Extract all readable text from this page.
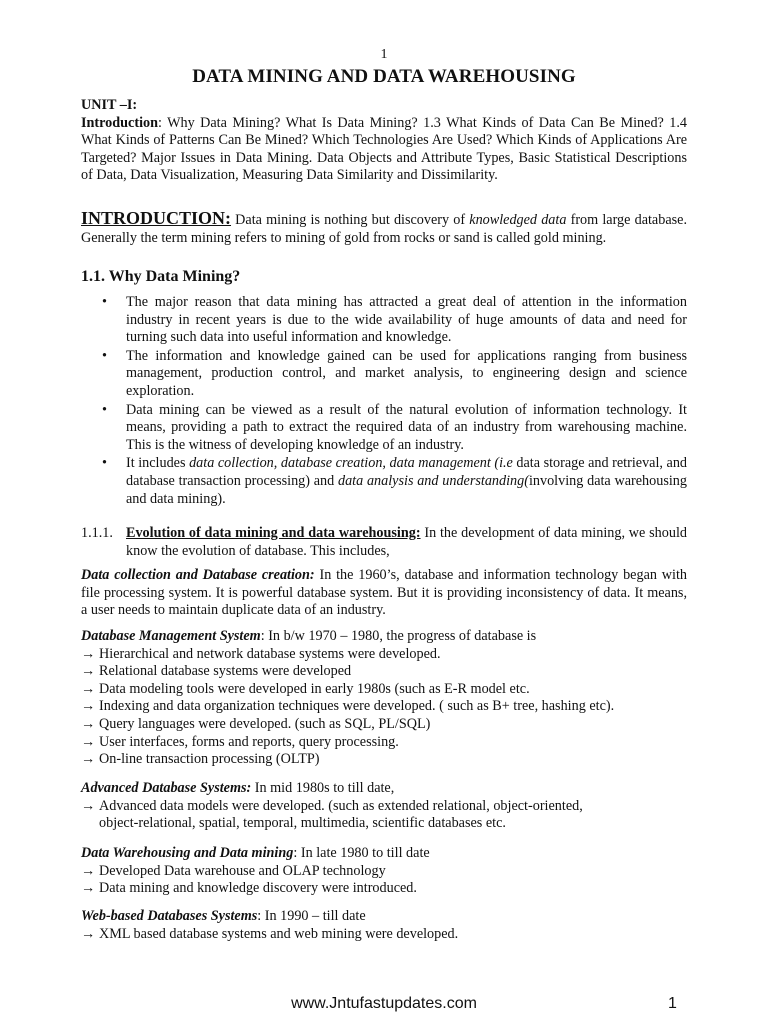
1
DATA MINING AND DATA WAREHOUSING
UNIT –I:
Introduction: Why Data Mining? What Is Data Mining? 1.3 What Kinds of Data Can Be Mined? 1.4 What Kinds of Patterns Can Be Mined? Which Technologies Are Used? Which Kinds of Applications Are Targeted? Major Issues in Data Mining. Data Objects and Attribute Types, Basic Statistical Descriptions of Data, Data Visualization, Measuring Data Similarity and Dissimilarity.
INTRODUCTION: Data mining is nothing but discovery of knowledged data from large database. Generally the term mining refers to mining of gold from rocks or sand is called gold mining.
1.1. Why Data Mining?
• The major reason that data mining has attracted a great deal of attention in the information industry in recent years is due to the wide availability of huge amounts of data and need for turning such data into useful information and knowledge.
• The information and knowledge gained can be used for applications ranging from business management, production control, and market analysis, to engineering design and science exploration.
• Data mining can be viewed as a result of the natural evolution of information technology. It means, providing a path to extract the required data of an industry from warehousing machine. This is the witness of developing knowledge of an industry.
• It includes data collection, database creation, data management (i.e data storage and retrieval, and database transaction processing) and data analysis and understanding(involving data warehousing and data mining).
1.1.1. Evolution of data mining and data warehousing: In the development of data mining, we should know the evolution of database. This includes,
Data collection and Database creation: In the 1960’s, database and information technology began with file processing system. It is powerful database system. But it is providing inconsistency of data. It means, a user needs to maintain duplicate data of an industry.
Database Management System: In b/w 1970 – 1980, the progress of database is
→ Hierarchical and network database systems were developed.
→ Relational database systems were developed
→ Data modeling tools were developed in early 1980s (such as E-R model etc.
→ Indexing and data organization techniques were developed. ( such as B+ tree, hashing etc).
→ Query languages were developed. (such as SQL, PL/SQL)
→ User interfaces, forms and reports, query processing.
→ On-line transaction processing (OLTP)
Advanced Database Systems: In mid 1980s to till date,
→ Advanced data models were developed. (such as extended relational, object-oriented,
object-relational, spatial, temporal, multimedia, scientific databases etc.
Data Warehousing and Data mining: In late 1980 to till date
→ Developed Data warehouse and OLAP technology
→ Data mining and knowledge discovery were introduced.
Web-based Databases Systems: In 1990 – till date
→ XML based database systems and web mining were developed.
www.Jntufastupdates.com	1
